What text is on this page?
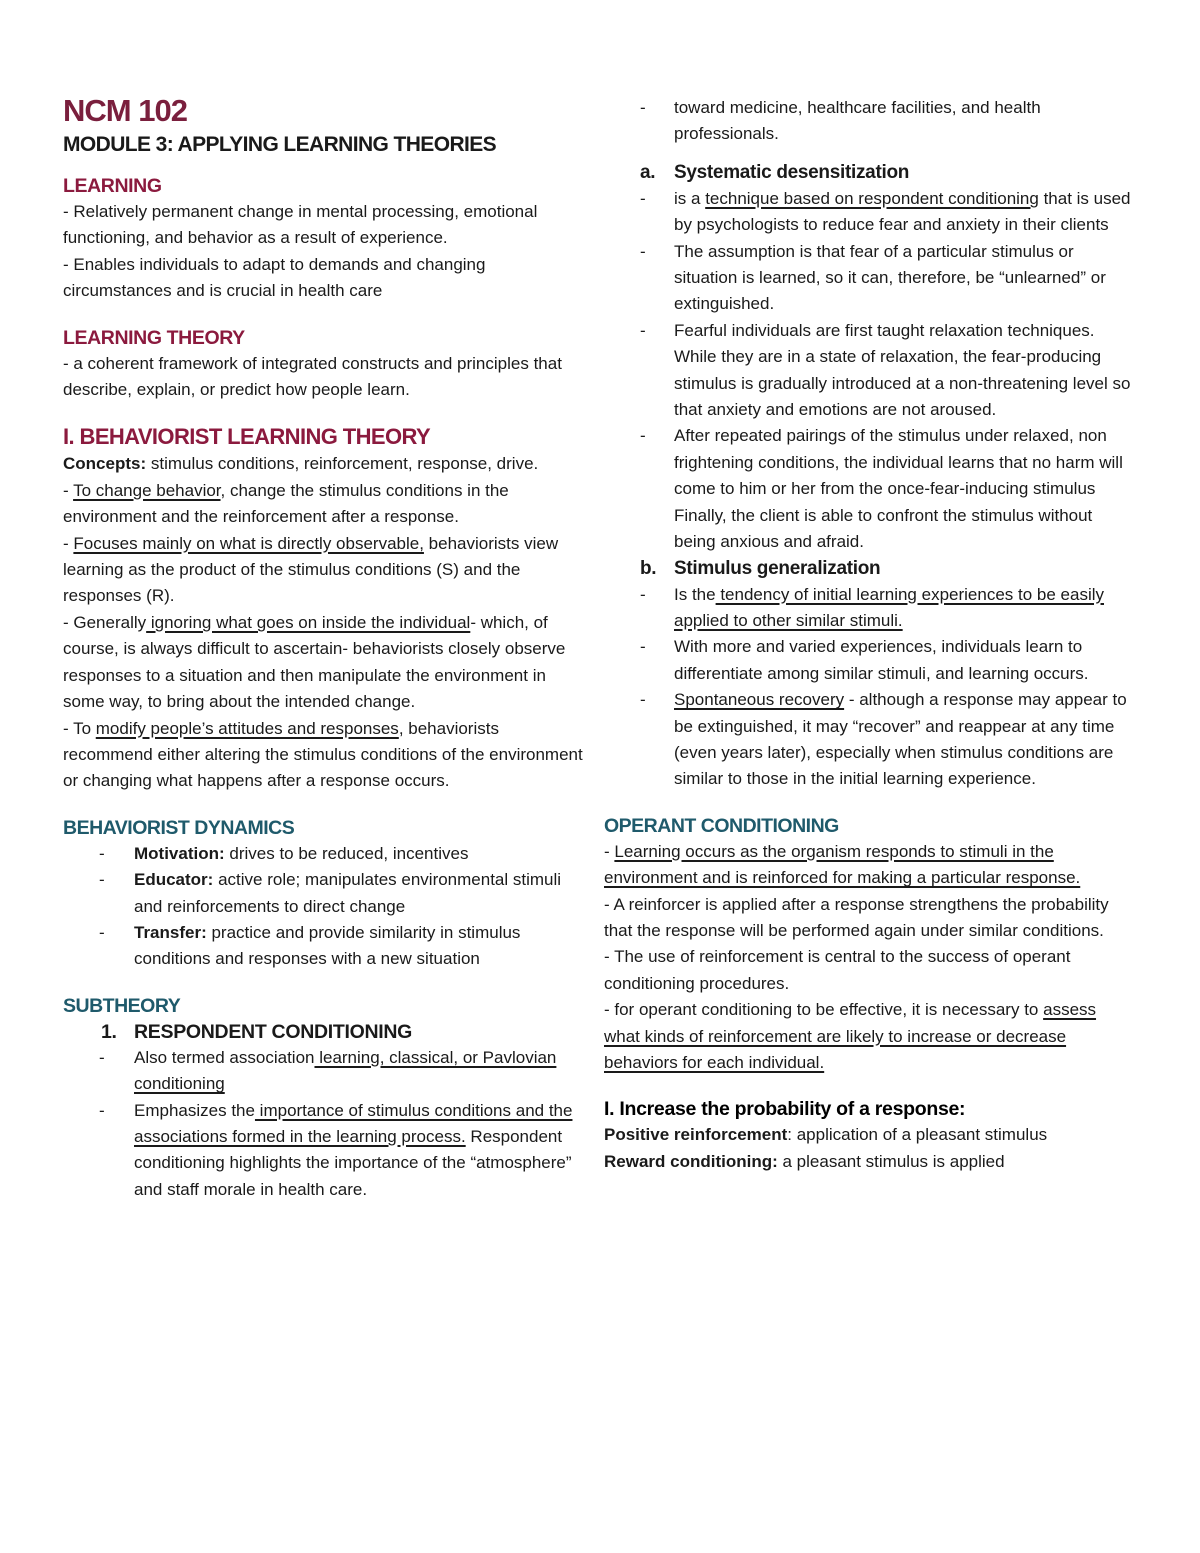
NCM 102
MODULE 3: APPLYING LEARNING THEORIES
LEARNING

- Relatively permanent change in mental processing, emotional functioning, and behavior as a result of experience.

- Enables individuals to adapt to demands and changing circumstances and is crucial in health care

LEARNING THEORY

- a coherent framework of integrated constructs and principles that describe, explain, or predict how people learn.

I. BEHAVIORIST LEARNING THEORY

Concepts: stimulus conditions, reinforcement, response, drive.

- To change behavior, change the stimulus conditions in the environment and the reinforcement after a response.

- Focuses mainly on what is directly observable, behaviorists view learning as the product of the stimulus conditions (S) and the responses (R).

- Generally ignoring what goes on inside the individual- which, of course, is always difficult to ascertain- behaviorists closely observe responses to a situation and then manipulate the environment in some way, to bring about the intended change.

- To modify people’s attitudes and responses, behaviorists recommend either altering the stimulus conditions of the environment or changing what happens after a response occurs.

BEHAVIORIST DYNAMICS
- Motivation: drives to be reduced, incentives
- Educator: active role; manipulates environmental stimuli and reinforcements to direct change
- Transfer: practice and provide similarity in stimulus conditions and responses with a new situation
SUBTHEORY
1. RESPONDENT CONDITIONING
- Also termed association learning, classical, or Pavlovian conditioning
- Emphasizes the importance of stimulus conditions and the associations formed in the learning process. Respondent conditioning highlights the importance of the “atmosphere” and staff morale in health care.
- toward medicine, healthcare facilities, and health professionals.
a. Systematic desensitization
- is a technique based on respondent conditioning that is used by psychologists to reduce fear and anxiety in their clients
- The assumption is that fear of a particular stimulus or situation is learned, so it can, therefore, be “unlearned” or extinguished.
- Fearful individuals are first taught relaxation techniques. While they are in a state of relaxation, the fear-producing stimulus is gradually introduced at a non-threatening level so that anxiety and emotions are not aroused.
- After repeated pairings of the stimulus under relaxed, non frightening conditions, the individual learns that no harm will come to him or her from the once-fear-inducing stimulus Finally, the client is able to confront the stimulus without being anxious and afraid.
b. Stimulus generalization
- Is the tendency of initial learning experiences to be easily applied to other similar stimuli.
- With more and varied experiences, individuals learn to differentiate among similar stimuli, and learning occurs.
- Spontaneous recovery - although a response may appear to be extinguished, it may “recover” and reappear at any time (even years later), especially when stimulus conditions are similar to those in the initial learning experience.
OPERANT CONDITIONING

- Learning occurs as the organism responds to stimuli in the environment and is reinforced for making a particular response.

- A reinforcer is applied after a response strengthens the probability that the response will be performed again under similar conditions.

- The use of reinforcement is central to the success of operant conditioning procedures.

- for operant conditioning to be effective, it is necessary to assess what kinds of reinforcement are likely to increase or decrease behaviors for each individual.

I. Increase the probability of a response:

Positive reinforcement: application of a pleasant stimulus

Reward conditioning: a pleasant stimulus is applied
